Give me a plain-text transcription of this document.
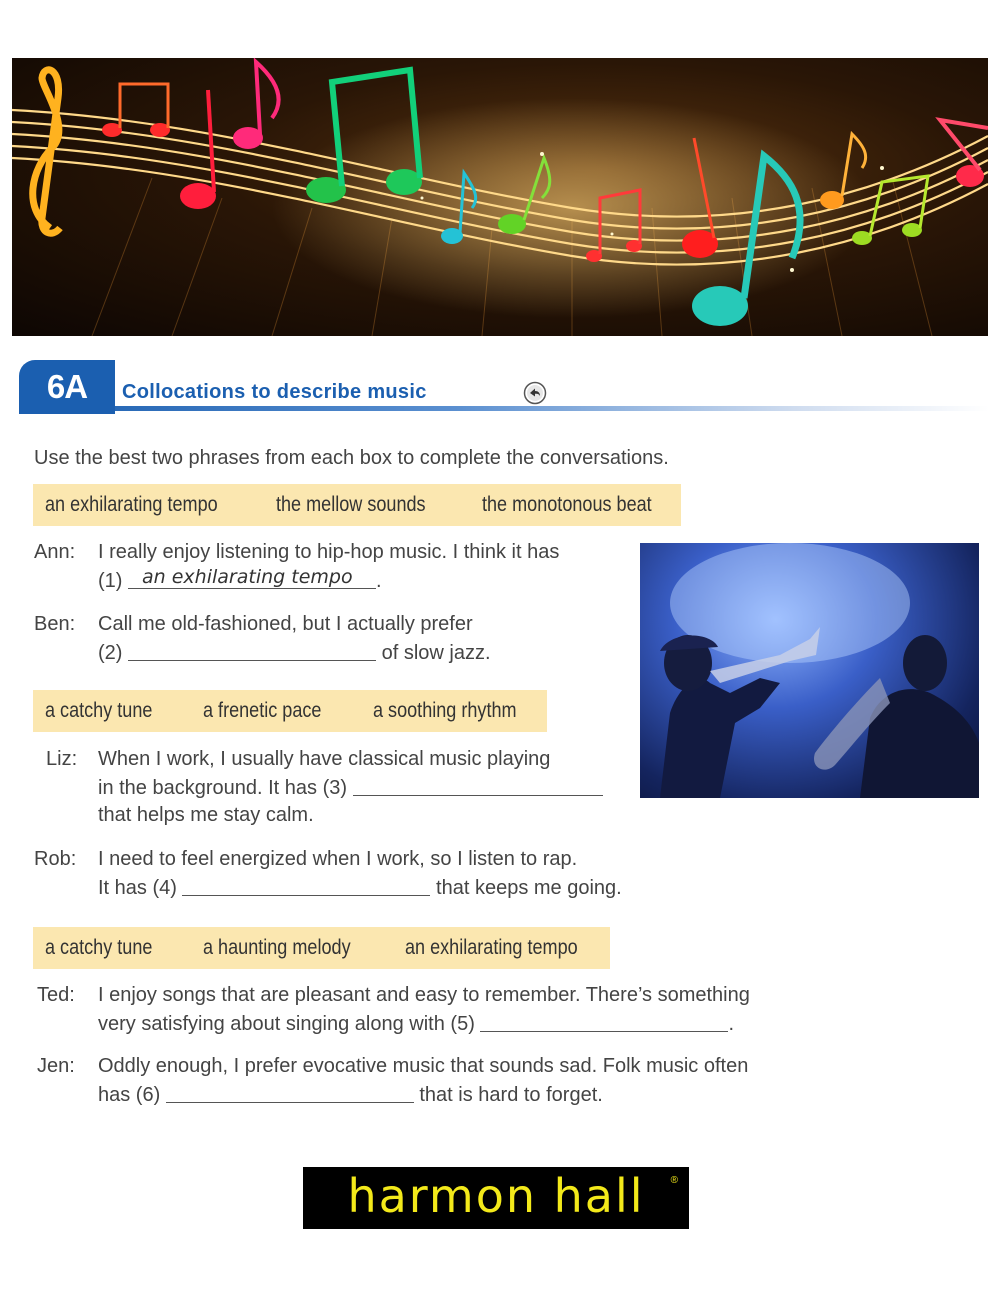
6A Collocations to describe music
Use the best two phrases from each box to complete the conversations.
an exhilarating tempo	the mellow sounds	the monotonous beat
Ann: I really enjoy listening to hip-hop music. I think it has
(1) an exhilarating tempo .
Ben: Call me old-fashioned, but I actually prefer
(2)	of slow jazz.
a catchy tune a frenetic pace a soothing rhythm
Liz: When I work, I usually have classical music playing
in the background. It has (3)
that helps me stay calm.
Rob: I need to feel energized when I work, so I listen to rap.
It has (4)	that keeps me going.
a catchy tune a haunting melody	an exhilarating tempo
Ted: I enjoy songs that are pleasant and easy to remember. There’s something
very satisfying about singing along with (5)	.
Jen: Oddly enough, I prefer evocative music that sounds sad. Folk music often
has (6)	that is hard to forget.
harmon hall	®
